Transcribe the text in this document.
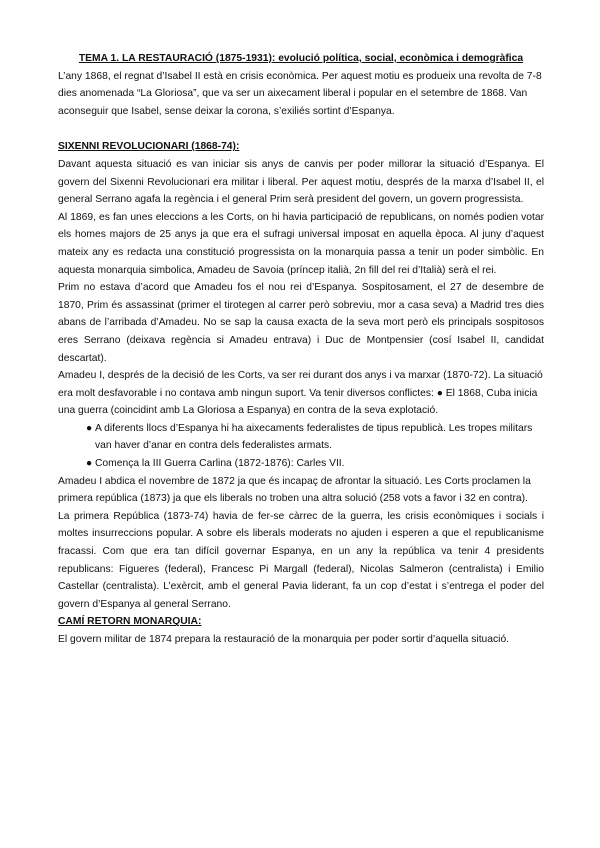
TEMA 1. LA RESTAURACIÓ (1875-1931): evolució política, social, econòmica i demogràfica

L’any 1868, el regnat d’Isabel II està en crisis econòmica. Per aquest motiu es produeix una revolta de 7-8 dies anomenada “La Gloriosa”, que va ser un aixecament liberal i popular en el setembre de 1868. Van aconseguir que Isabel, sense deixar la corona, s’exiliés sortint d’Espanya.

SIXENNI REVOLUCIONARI (1868-74):

Davant aquesta situació es van iniciar sis anys de canvis per poder millorar la situació d’Espanya. El govern del Sixenni Revolucionari era militar i liberal. Per aquest motiu, després de la marxa d’Isabel II, el general Serrano agafa la regència i el general Prim serà president del govern, un govern progressista.

Al 1869, es fan unes eleccions a les Corts, on hi havia participació de republicans, on només podien votar els homes majors de 25 anys ja que era el sufragi universal imposat en aquella època. Al juny d’aquest mateix any es redacta una constitució progressista on la monarquia passa a tenir un poder simbòlic. En aquesta monarquia simbolica, Amadeu de Savoia (príncep italià, 2n fill del rei d’Italià) serà el rei.

Prim no estava d’acord que Amadeu fos el nou rei d’Espanya. Sospitosament, el 27 de desembre de 1870, Prim és assassinat (primer el tirotegen al carrer però sobreviu, mor a casa seva) a Madrid tres dies abans de l’arribada d’Amadeu. No se sap la causa exacta de la seva mort però els principals sospitosos eres Serrano (deixava regència si Amadeu entrava) i Duc de Montpensier (cosí Isabel II, candidat descartat).

Amadeu I, després de la decisió de les Corts, va ser rei durant dos anys i va marxar (1870-72). La situació era molt desfavorable i no contava amb ningun suport. Va tenir diversos conflictes: ● El 1868, Cuba inicia una guerra (coincidint amb La Gloriosa a Espanya) en contra de la seva explotació.

● A diferents llocs d’Espanya hi ha aixecaments federalistes de tipus republicà. Les tropes militars van haver d’anar en contra dels federalistes armats.
● Comença la III Guerra Carlina (1872-1876): Carles VII.

Amadeu I abdica el novembre de 1872 ja que és incapaç de afrontar la situació. Les Corts proclamen la primera república (1873) ja que els liberals no troben una altra solució (258 vots a favor i 32 en contra).

La primera República (1873-74) havia de fer-se càrrec de la guerra, les crisis econòmiques i socials i moltes insurreccions popular. A sobre els liberals moderats no ajuden i esperen a que el republicanisme fracassi. Com que era tan difícil governar Espanya, en un any la república va tenir 4 presidents republicans: Figueres (federal), Francesc Pi Margall (federal), Nicolas Salmeron (centralista) i Emilio Castellar (centralista). L’exèrcit, amb el general Pavia liderant, fa un cop d’estat i s’entrega el poder del govern d’Espanya al general Serrano.

CAMÍ RETORN MONARQUIA:

El govern militar de 1874 prepara la restauració de la monarquia per poder sortir d’aquella situació.
